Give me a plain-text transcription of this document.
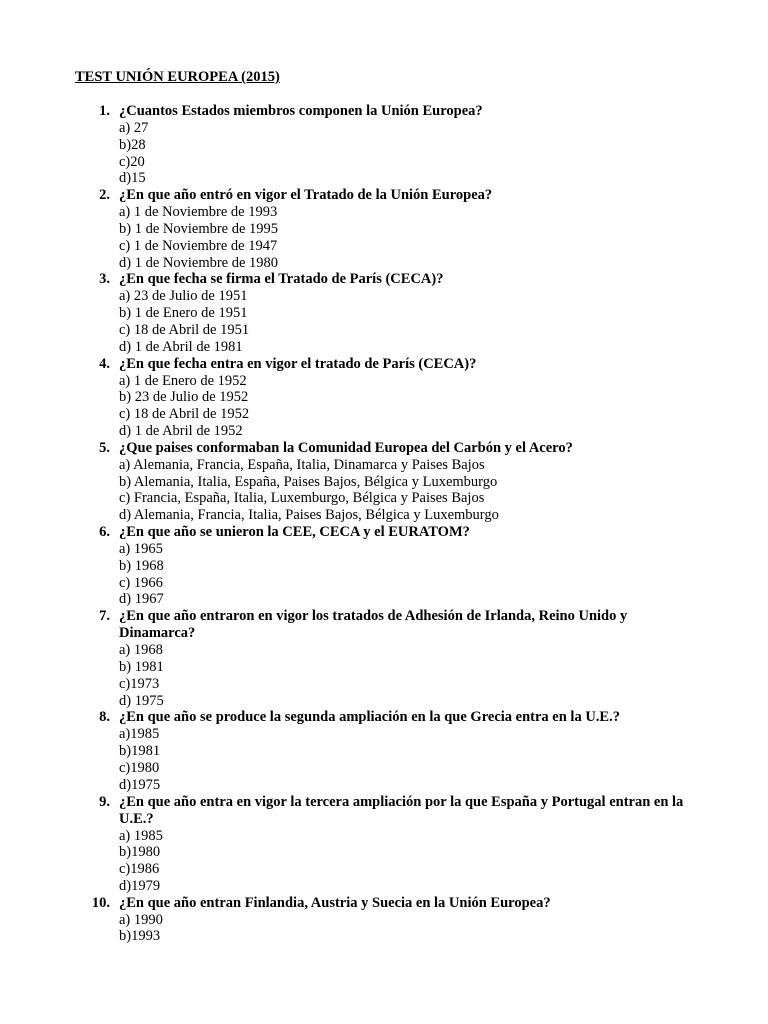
TEST UNIÓN EUROPEA (2015)
1. ¿Cuantos Estados miembros componen la Unión Europea?
a) 27
b)28
c)20
d)15
2. ¿En que año entró en vigor el Tratado de la Unión Europea?
a) 1 de Noviembre de 1993
b) 1 de Noviembre de 1995
c) 1 de Noviembre de 1947
d) 1 de Noviembre de 1980
3. ¿En que fecha se firma el Tratado de París (CECA)?
a) 23 de Julio de 1951
b) 1 de Enero de 1951
c) 18 de Abril de 1951
d) 1 de Abril de 1981
4. ¿En que fecha entra en vigor el tratado de París (CECA)?
a) 1 de Enero de 1952
b) 23 de Julio de 1952
c) 18 de Abril de 1952
d) 1 de Abril de 1952
5. ¿Que paises conformaban la Comunidad Europea del Carbón y el Acero?
a) Alemania, Francia, España, Italia, Dinamarca y Paises Bajos
b) Alemania, Italia, España, Paises Bajos, Bélgica y Luxemburgo
c) Francia, España, Italia, Luxemburgo, Bélgica y Paises Bajos
d) Alemania, Francia, Italia, Paises Bajos, Bélgica y Luxemburgo
6. ¿En que año se unieron la CEE, CECA y el EURATOM?
a) 1965
b) 1968
c) 1966
d) 1967
7. ¿En que año entraron en vigor los tratados de Adhesión de Irlanda, Reino Unido y Dinamarca?
a) 1968
b) 1981
c)1973
d) 1975
8. ¿En que año se produce la segunda ampliación en la que Grecia entra en la U.E.?
a)1985
b)1981
c)1980
d)1975
9. ¿En que año entra en vigor la tercera ampliación por la que España y Portugal entran en la U.E.?
a) 1985
b)1980
c)1986
d)1979
10. ¿En que año entran Finlandia, Austria y Suecia en la Unión Europea?
a) 1990
b)1993
